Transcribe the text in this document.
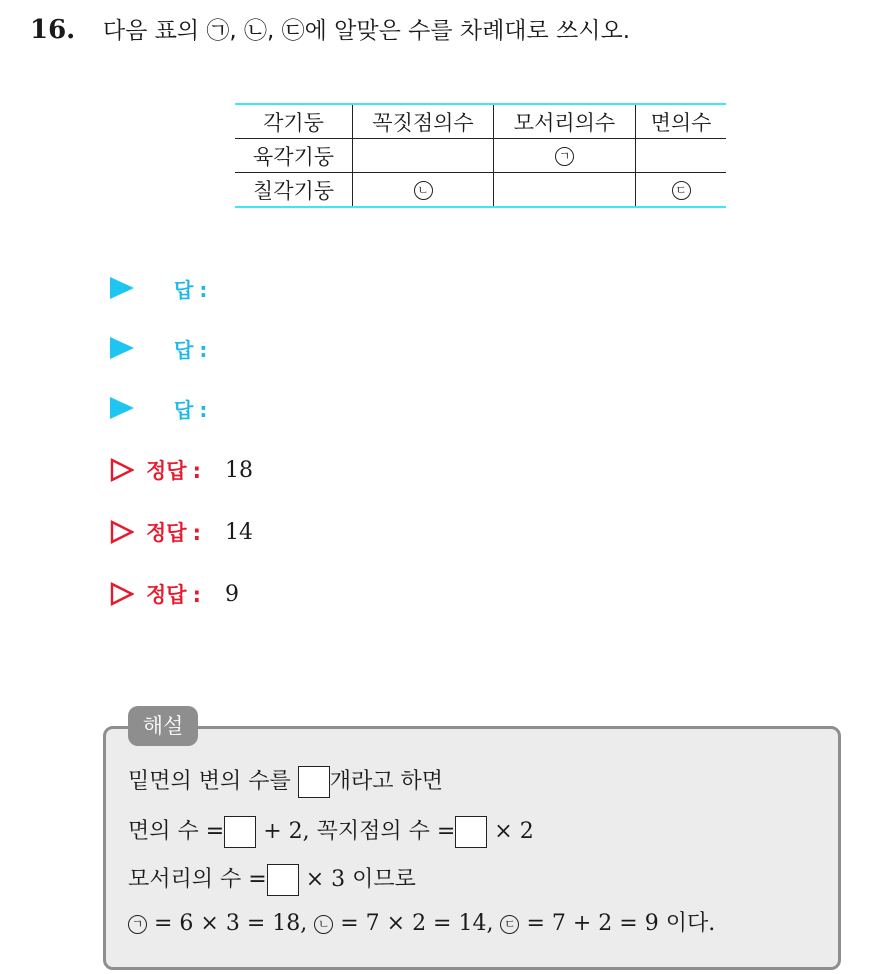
16. 다음 표의 ㉠, ㉡, ㉢에 알맞은 수를 차례대로 쓰시오.
각기둥	꼭짓점의수	모서리의수	면의수
육각기둥		ㄱ	
칠각기둥	ㄴ		ㄷ
답 :
답 :
답 :
정답 : 18
정답 : 14
정답 : 9
해설
밑면의 변의 수를 개라고 하면
면의 수 = + 2, 꼭지점의 수 = × 2
모서리의 수 = × 3 이므로
ㄱ = 6 × 3 = 18, ㄴ = 7 × 2 = 14, ㄷ = 7 + 2 = 9 이다.
